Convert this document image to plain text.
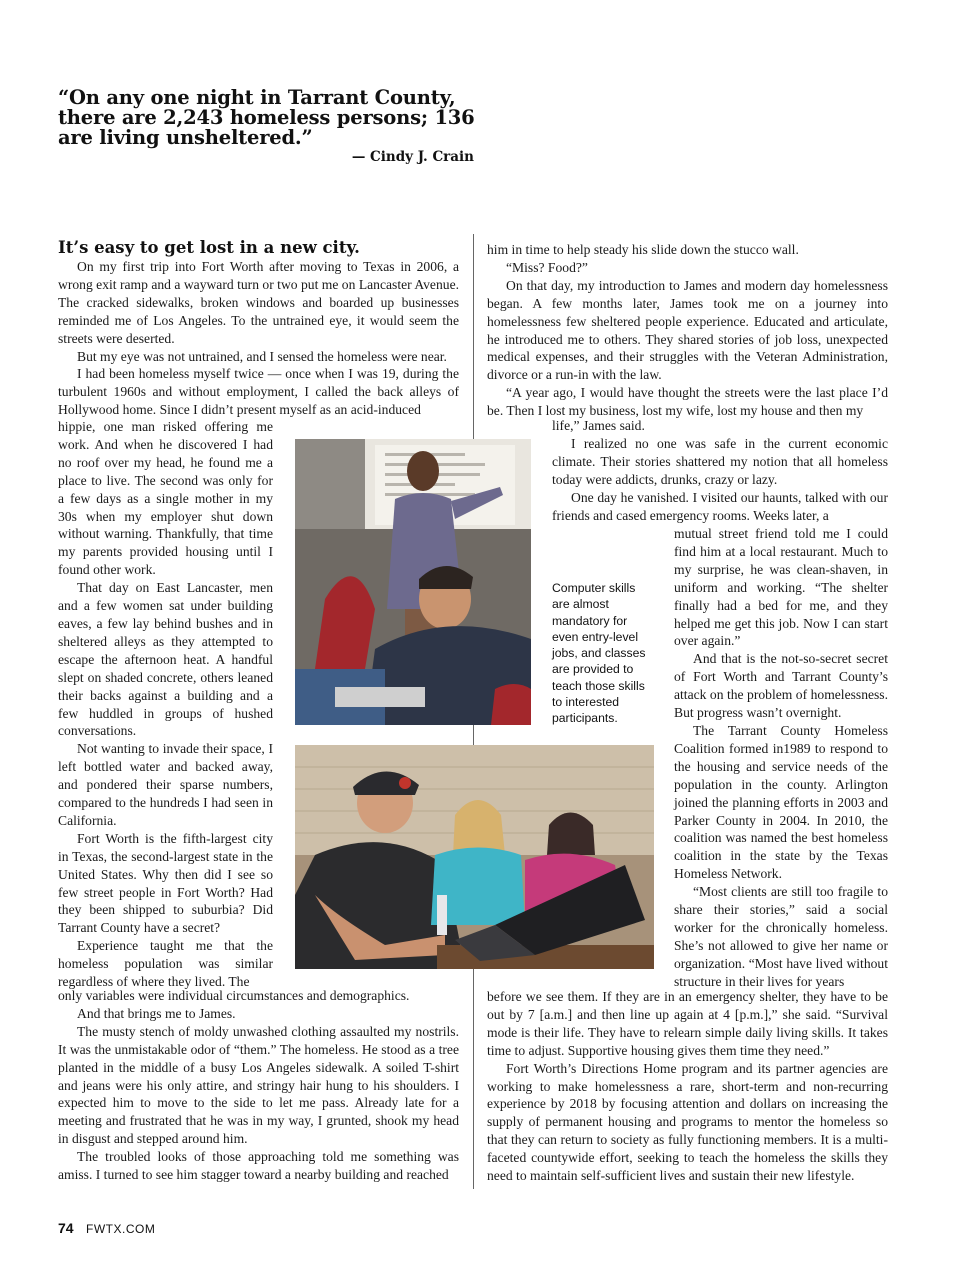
“On any one night in Tarrant County, there are 2,243 homeless persons; 136 are living unsheltered.”
— Cindy J. Crain

It’s easy to get lost in a new city.

On my first trip into Fort Worth after moving to Texas in 2006, a wrong exit ramp and a wayward turn or two put me on Lancaster Avenue. The cracked sidewalks, broken windows and boarded up businesses reminded me of Los Angeles. To the untrained eye, it would seem the streets were deserted.

But my eye was not untrained, and I sensed the homeless were near.

I had been homeless myself twice — once when I was 19, during the turbulent 1960s and without employment, I called the back alleys of Hollywood home. Since I didn’t present myself as an acid-induced

hippie, one man risked offering me work. And when he discovered I had no roof over my head, he found me a place to live. The second was only for a few days as a single mother in my 30s when my employer shut down without warning. Thankfully, that time my parents provided housing until I found other work.

That day on East Lancaster, men and a few women sat under building eaves, a few lay behind bushes and in sheltered alleys as they attempted to escape the afternoon heat. A handful slept on shaded concrete, others leaned their backs against a building and a few huddled in groups of hushed conversations.

Not wanting to invade their space, I left bottled water and backed away, and pondered their sparse numbers, compared to the hundreds I had seen in California.

Fort Worth is the fifth-largest city in Texas, the second-largest state in the United States. Why then did I see so few street people in Fort Worth? Had they been shipped to suburbia? Did Tarrant County have a secret?

Experience taught me that the homeless population was similar regardless of where they lived. The

only variables were individual circumstances and demographics.

And that brings me to James.

The musty stench of moldy unwashed clothing assaulted my nostrils. It was the unmistakable odor of “them.” The homeless. He stood as a tree planted in the middle of a busy Los Angeles sidewalk. A soiled T-shirt and jeans were his only attire, and stringy hair hung to his shoulders. I expected him to move to the side to let me pass. Already late for a meeting and frustrated that he was in my way, I grunted, shook my head in disgust and stepped around him.

The troubled looks of those approaching told me something was amiss. I turned to see him stagger toward a nearby building and reached

him in time to help steady his slide down the stucco wall.

“Miss? Food?”

On that day, my introduction to James and modern day homelessness began. A few months later, James took me on a journey into homelessness few sheltered people experience. Educated and articulate, he introduced me to others. They shared stories of job loss, unexpected medical expenses, and their struggles with the Veteran Administration, divorce or a run-in with the law.

“A year ago, I would have thought the streets were the last place I’d be. Then I lost my business, lost my wife, lost my house and then my

life,” James said.

I realized no one was safe in the current economic climate. Their stories shattered my notion that all homeless today were addicts, drunks, crazy or lazy.

One day he vanished. I visited our haunts, talked with our friends and cased emergency rooms. Weeks later, a

mutual street friend told me I could find him at a local restaurant. Much to my surprise, he was clean-shaven, in uniform and working. “The shelter finally had a bed for me, and they helped me get this job. Now I can start over again.”

And that is the not-so-secret secret of Fort Worth and Tarrant County’s attack on the problem of homelessness. But progress wasn’t overnight.

The Tarrant County Homeless Coalition formed in1989 to respond to the housing and service needs of the population in the county. Arlington joined the planning efforts in 2003 and Parker County in 2004. In 2010, the coalition was named the best homeless coalition in the state by the Texas Homeless Network.

“Most clients are still too fragile to share their stories,” said a social worker for the chronically homeless. She’s not allowed to give her name or organization. “Most have lived without structure in their lives for years

before we see them. If they are in an emergency shelter, they have to be out by 7 [a.m.] and then line up again at 4 [p.m.],” she said. “Survival mode is their life. They have to relearn simple daily living skills. It takes time to adjust. Supportive housing gives them time they need.”

Fort Worth’s Directions Home program and its partner agencies are working to make homelessness a rare, short-term and non-recurring experience by 2018 by focusing attention and dollars on increasing the supply of permanent housing and programs to mentor the homeless so that they can return to society as fully functioning members. It is a multi-faceted countywide effort, seeking to teach the homeless the skills they need to maintain self-sufficient lives and sustain their new lifestyle.

Computer skills are almost mandatory for even entry-level jobs, and classes are provided to teach those skills to interested participants.
74 FWTX.COM
